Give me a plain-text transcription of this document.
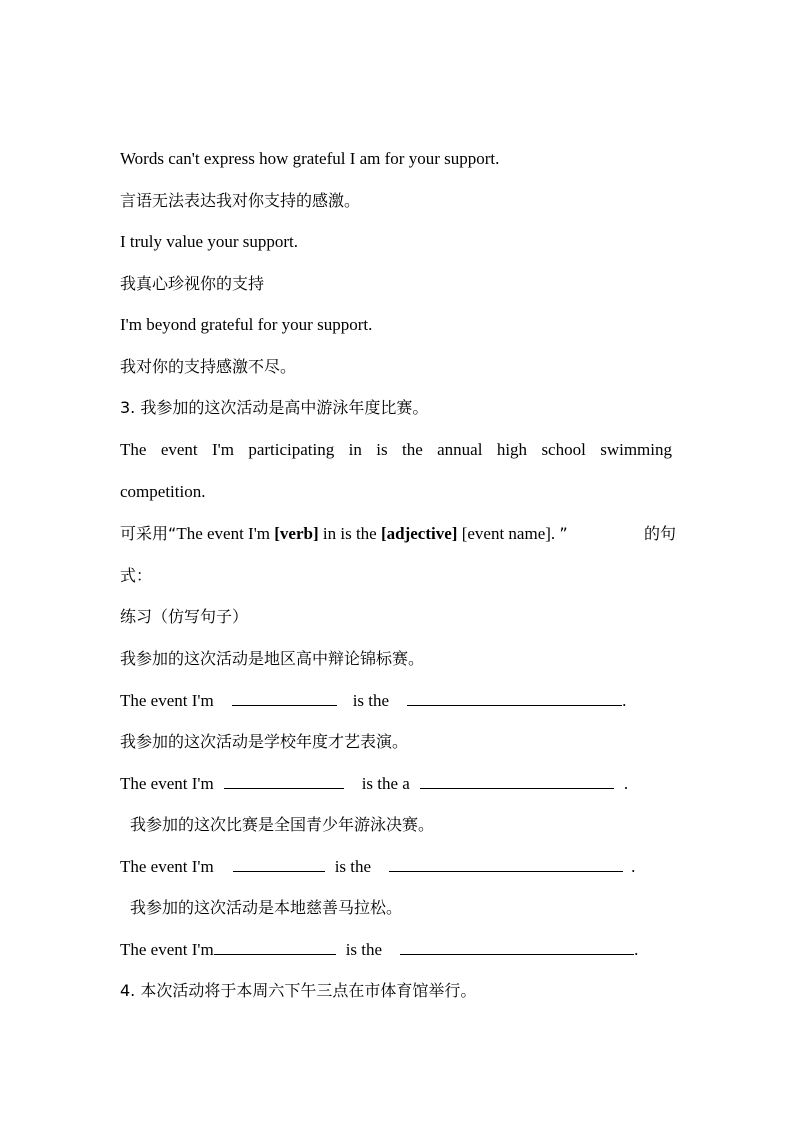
Words can't express how grateful I am for your support.
言语无法表达我对你支持的感激。
I truly value your support.
我真心珍视你的支持
I'm beyond grateful for your support.
我对你的支持感激不尽。
3. 我参加的这次活动是高中游泳年度比赛。
The event I'm participating in is the annual high school swimming
competition.
可采用“The event I'm [verb] in is the [adjective] [event name]. ”	的句
式：
练习（仿写句子）
我参加的这次活动是地区高中辩论锦标赛。
The event I'm	is the	.
我参加的这次活动是学校年度才艺表演。
The event I'm	is the a	.
我参加的这次比赛是全国青少年游泳决赛。
The event I'm	is the	.
我参加的这次活动是本地慈善马拉松。
The event I'm	is the	.
4. 本次活动将于本周六下午三点在市体育馆举行。
